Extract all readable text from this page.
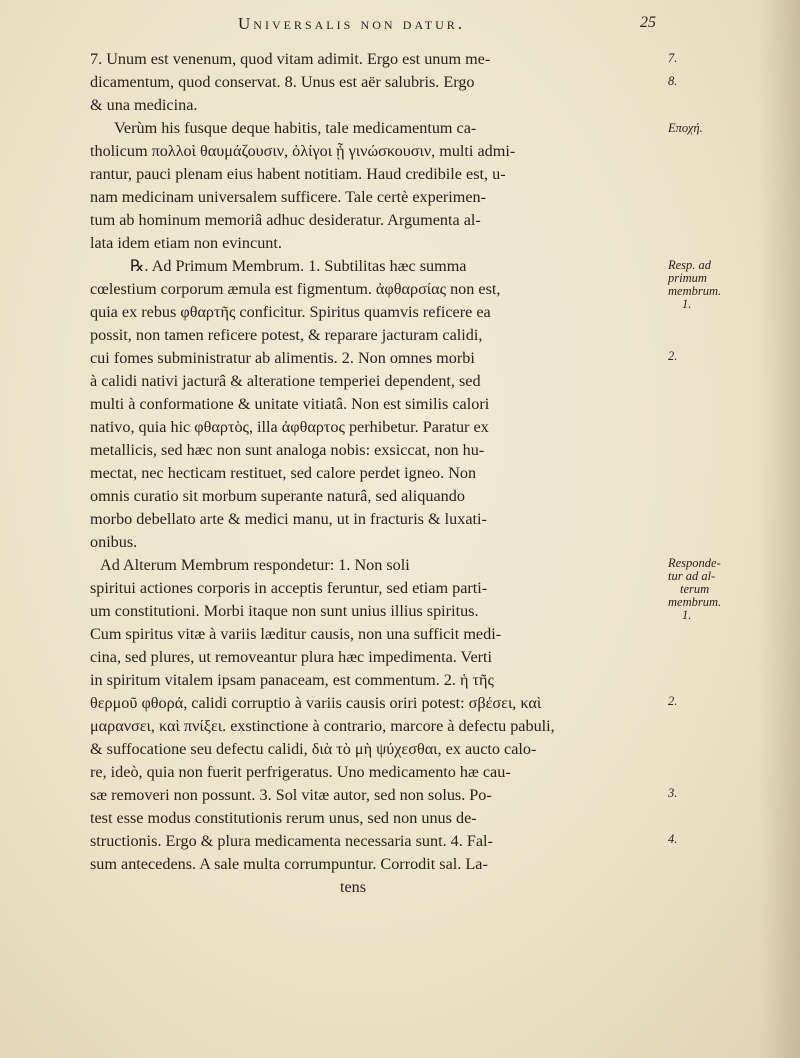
Universalis non datur.	25
7. Unum est venenum, quod vitam adimit. Ergo est unum me-
dicamentum, quod conservat. 8. Unus est aër salubris. Ergo
& una medicina.
Verùm his fusque deque habitis, tale medicamentum ca-
tholicum πολλοὶ θαυμάζουσιν, ὀλίγοι ᾗ γινώσκουσιν, multi admi-
rantur, pauci plenam eius habent notitiam. Haud credibile est, u-
nam medicinam universalem sufficere. Tale certè experimen-
tum ab hominum memoriâ adhuc desideratur. Argumenta al-
lata idem etiam non evincunt.
℞. Ad Primum Membrum. 1. Subtilitas hæc summa
cœlestium corporum æmula est figmentum. ἀφθαρσίας non est,
quia ex rebus φθαρτῆς conficitur. Spiritus quamvis reficere ea
possit, non tamen reficere potest, & reparare jacturam calidi,
cui fomes subministratur ab alimentis. 2. Non omnes morbi
à calidi nativi jacturâ & alteratione temperiei dependent, sed
multi à conformatione & unitate vitiatâ. Non est similis calori
nativo, quia hic φθαρτὸς, illa ἀφθαρτος perhibetur. Paratur ex
metallicis, sed hæc non sunt analoga nobis: exsiccat, non hu-
mectat, nec hecticam restituet, sed calore perdet igneo. Non
omnis curatio sit morbum superante naturâ, sed aliquando
morbo debellato arte & medici manu, ut in fracturis & luxati-
onibus.
Ad Alterum Membrum respondetur: 1. Non soli
spiritui actiones corporis in acceptis feruntur, sed etiam parti-
um constitutioni. Morbi itaque non sunt unius illius spiritus.
Cum spiritus vitæ à variis læditur causis, non una sufficit medi-
cina, sed plures, ut removeantur plura hæc impedimenta. Verti
in spiritum vitalem ipsam panaceam, est commentum. 2. ἡ τῆς
θερμοῦ φθορά, calidi corruptio à variis causis oriri potest: σβέσει, καὶ
μαρανσει, καὶ πνίξει. exstinctione à contrario, marcore à defectu pabuli,
& suffocatione seu defectu calidi, διὰ τὸ μὴ ψύχεσθαι, ex aucto calo-
re, ideò, quia non fuerit perfrigeratus. Uno medicamento hæ cau-
sæ removeri non possunt. 3. Sol vitæ autor, sed non solus. Po-
test esse modus constitutionis rerum unus, sed non unus de-
structionis. Ergo & plura medicamenta necessaria sunt. 4. Fal-
sum antecedens. A sale multa corrumpuntur. Corrodit sal. La-
tens
7.
8.
Εποχή.
Resp. ad
primum
membrum.
1.
2.
Responde-
tur ad al-
terum
membrum.
1.
2.
3.
4.
